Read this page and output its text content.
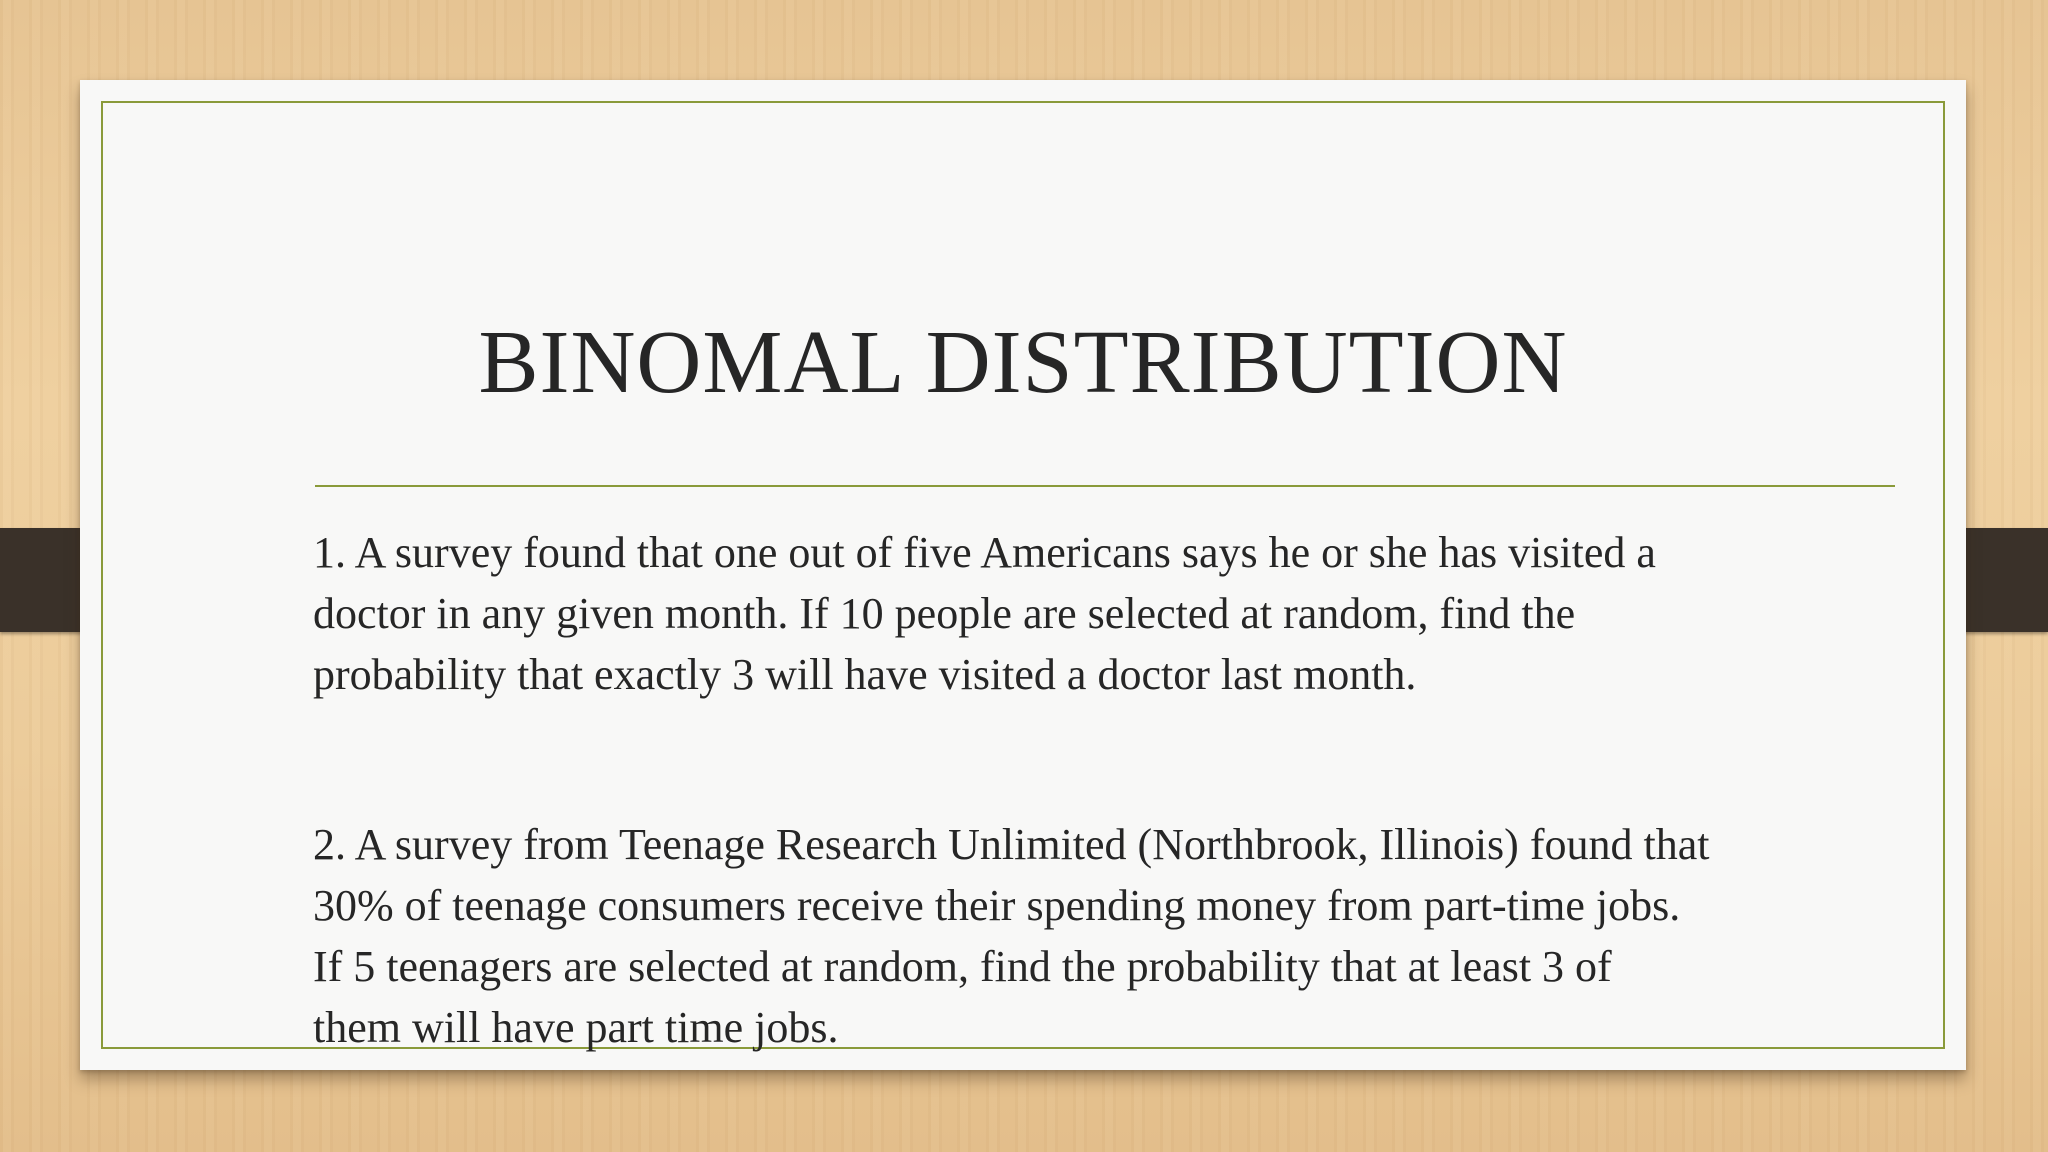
BINOMAL DISTRIBUTION

1. A survey found that one out of five Americans says he or she has visited a
doctor in any given month. If 10 people are selected at random, find the
probability that exactly 3 will have visited a doctor last month.

2. A survey from Teenage Research Unlimited (Northbrook, Illinois) found that
30% of teenage consumers receive their spending money from part-time jobs.
If 5 teenagers are selected at random, find the probability that at least 3 of
them will have part time jobs.
